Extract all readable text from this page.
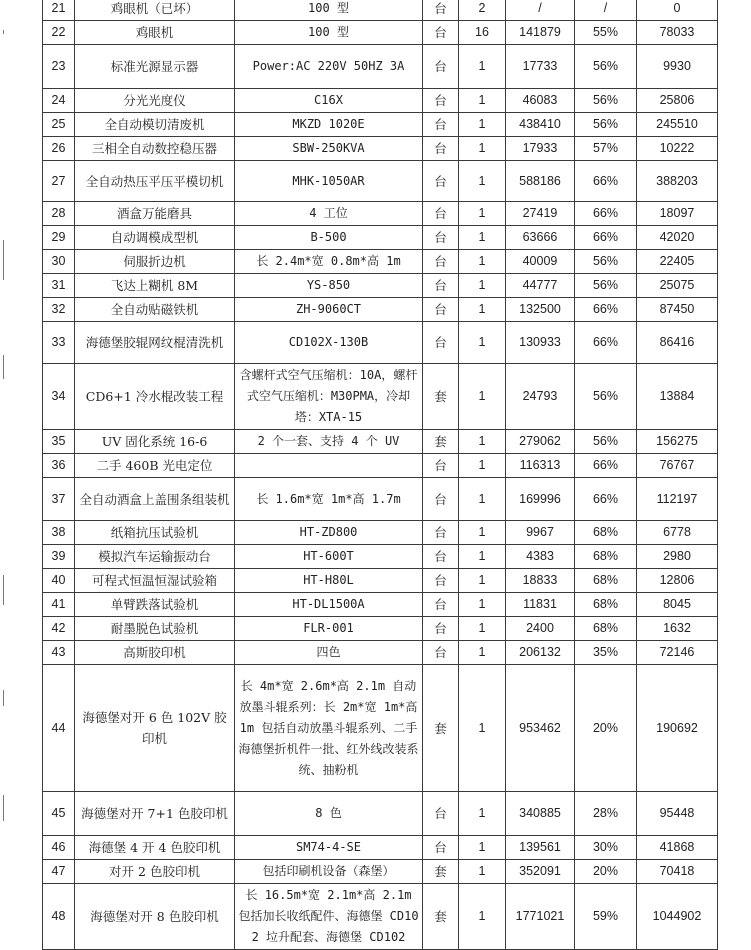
21	鸡眼机（已坏）	100 型	台	2	/	/	0
22	鸡眼机	100 型	台	16	141879	55%	78033
23	标准光源显示器	Power:AC 220V 50HZ 3A	台	1	17733	56%	9930
24	分光光度仪	C16X	台	1	46083	56%	25806
25	全自动模切清废机	MKZD 1020E	台	1	438410	56%	245510
26	三相全自动数控稳压器	SBW-250KVA	台	1	17933	57%	10222
27	全自动热压平压平模切机	MHK-1050AR	台	1	588186	66%	388203
28	酒盒万能磨具	4 工位	台	1	27419	66%	18097
29	自动调模成型机	B-500	台	1	63666	66%	42020
30	伺服折边机	长 2.4m*宽 0.8m*高 1m	台	1	40009	56%	22405
31	飞达上糊机 8M	YS-850	台	1	44777	56%	25075
32	全自动贴磁铁机	ZH-9060CT	台	1	132500	66%	87450
33	海德堡胶辊网纹棍清洗机	CD102X-130B	台	1	130933	66%	86416
34	CD6+1 冷水棍改装工程	含螺杆式空气压缩机：10A，螺杆式空气压缩机：M30PMA，冷却塔：XTA-15	套	1	24793	56%	13884
35	UV 固化系统 16-6	2 个一套、支持 4 个 UV	套	1	279062	56%	156275
36	二手 460B 光电定位		台	1	116313	66%	76767
37	全自动酒盒上盖围条组装机	长 1.6m*宽 1m*高 1.7m	台	1	169996	66%	112197
38	纸箱抗压试验机	HT-ZD800	台	1	9967	68%	6778
39	模拟汽车运输振动台	HT-600T	台	1	4383	68%	2980
40	可程式恒温恒湿试验箱	HT-H80L	台	1	18833	68%	12806
41	单臂跌落试验机	HT-DL1500A	台	1	11831	68%	8045
42	耐墨脱色试验机	FLR-001	台	1	2400	68%	1632
43	高斯胶印机	四色	台	1	206132	35%	72146
44	海德堡对开 6 色 102V 胶印机	长 4m*宽 2.6m*高 2.1m 自动放墨斗辊系列：长 2m*宽 1m*高 1m 包括自动放墨斗辊系列、二手海德堡折机件一批、红外线改装系统、抽粉机	套	1	953462	20%	190692
45	海德堡对开 7+1 色胶印机	8 色	台	1	340885	28%	95448
46	海德堡 4 开 4 色胶印机	SM74-4-SE	台	1	139561	30%	41868
47	对开 2 色胶印机	包括印刷机设备（森堡）	套	1	352091	20%	70418
48	海德堡对开 8 色胶印机	长 16.5m*宽 2.1m*高 2.1m 包括加长收纸配件、海德堡 CD102 垃升配套、海德堡 CD102	套	1	1771021	59%	1044902
